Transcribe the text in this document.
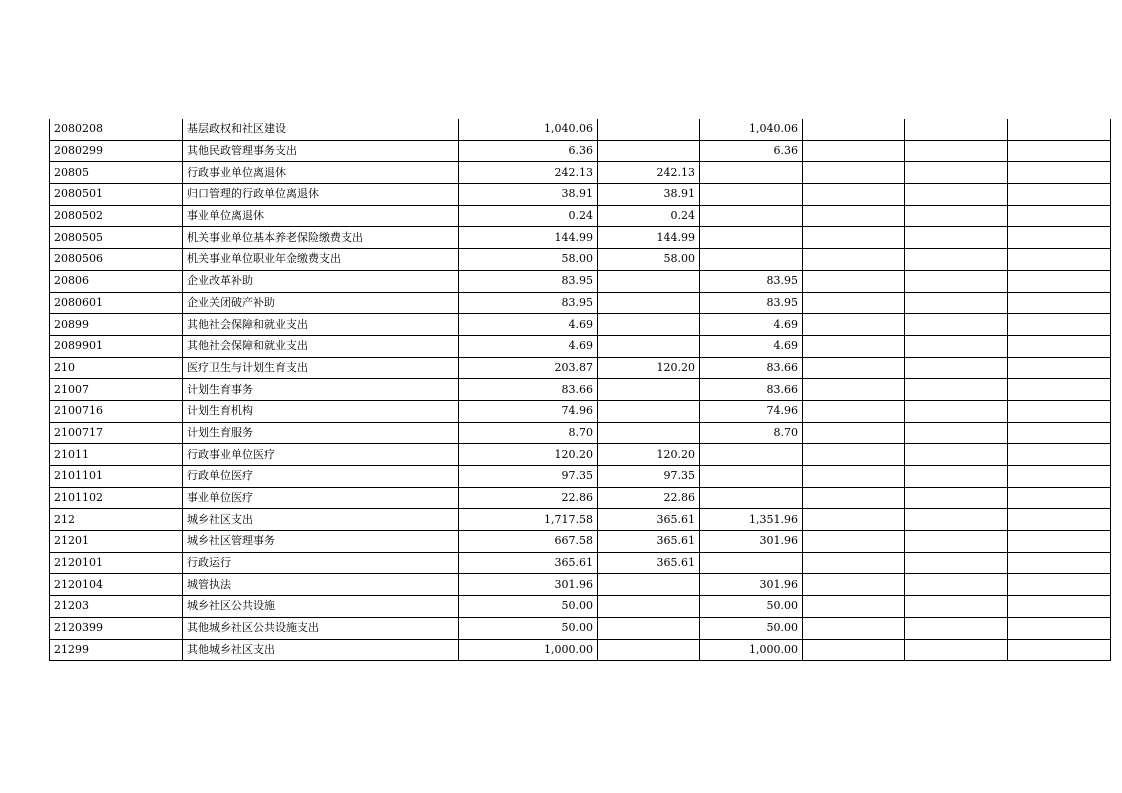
2080208	基层政权和社区建设	1,040.06		1,040.06			
2080299	其他民政管理事务支出	6.36		6.36			
20805	行政事业单位离退休	242.13	242.13				
2080501	归口管理的行政单位离退休	38.91	38.91				
2080502	事业单位离退休	0.24	0.24				
2080505	机关事业单位基本养老保险缴费支出	144.99	144.99				
2080506	机关事业单位职业年金缴费支出	58.00	58.00				
20806	企业改革补助	83.95		83.95			
2080601	企业关闭破产补助	83.95		83.95			
20899	其他社会保障和就业支出	4.69		4.69			
2089901	其他社会保障和就业支出	4.69		4.69			
210	医疗卫生与计划生育支出	203.87	120.20	83.66			
21007	计划生育事务	83.66		83.66			
2100716	计划生育机构	74.96		74.96			
2100717	计划生育服务	8.70		8.70			
21011	行政事业单位医疗	120.20	120.20				
2101101	行政单位医疗	97.35	97.35				
2101102	事业单位医疗	22.86	22.86				
212	城乡社区支出	1,717.58	365.61	1,351.96			
21201	城乡社区管理事务	667.58	365.61	301.96			
2120101	行政运行	365.61	365.61				
2120104	城管执法	301.96		301.96			
21203	城乡社区公共设施	50.00		50.00			
2120399	其他城乡社区公共设施支出	50.00		50.00			
21299	其他城乡社区支出	1,000.00		1,000.00			
